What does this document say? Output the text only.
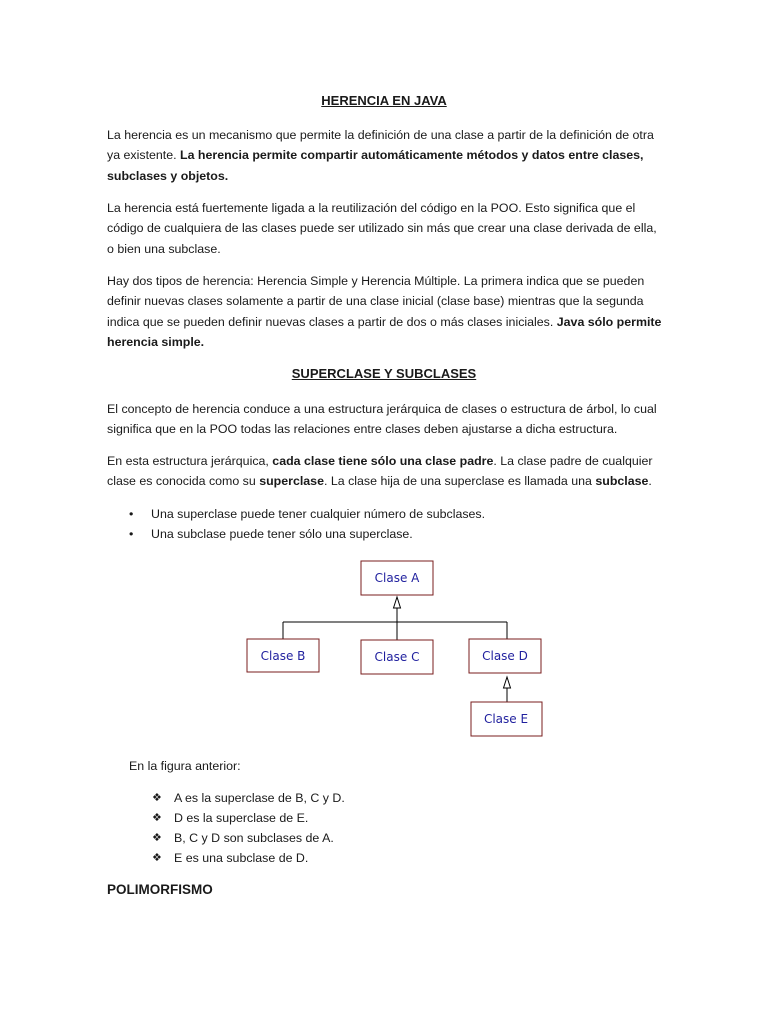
HERENCIA EN JAVA
La herencia es un mecanismo que permite la definición de una clase a partir de la definición de otra ya existente. La herencia permite compartir automáticamente métodos y datos entre clases, subclases y objetos.
La herencia está fuertemente ligada a la reutilización del código en la POO. Esto significa que el código de cualquiera de las clases puede ser utilizado sin más que crear una clase derivada de ella, o bien una subclase.
Hay dos tipos de herencia: Herencia Simple y Herencia Múltiple. La primera indica que se pueden definir nuevas clases solamente a partir de una clase inicial (clase base) mientras que la segunda indica que se pueden definir nuevas clases a partir de dos o más clases iniciales. Java sólo permite herencia simple.
SUPERCLASE Y SUBCLASES
El concepto de herencia conduce a una estructura jerárquica de clases o estructura de árbol, lo cual significa que en la POO todas las relaciones entre clases deben ajustarse a dicha estructura.
En esta estructura jerárquica, cada clase tiene sólo una clase padre. La clase padre de cualquier clase es conocida como su superclase. La clase hija de una superclase es llamada una subclase.
•	Una superclase puede tener cualquier número de subclases.
•	Una subclase puede tener sólo una superclase.
Clase A
Clase B	Clase C	Clase D
Clase E
En la figura anterior:
❖ A es la superclase de B, C y D.
❖ D es la superclase de E.
❖ B, C y D son subclases de A.
❖ E es una subclase de D.
POLIMORFISMO
